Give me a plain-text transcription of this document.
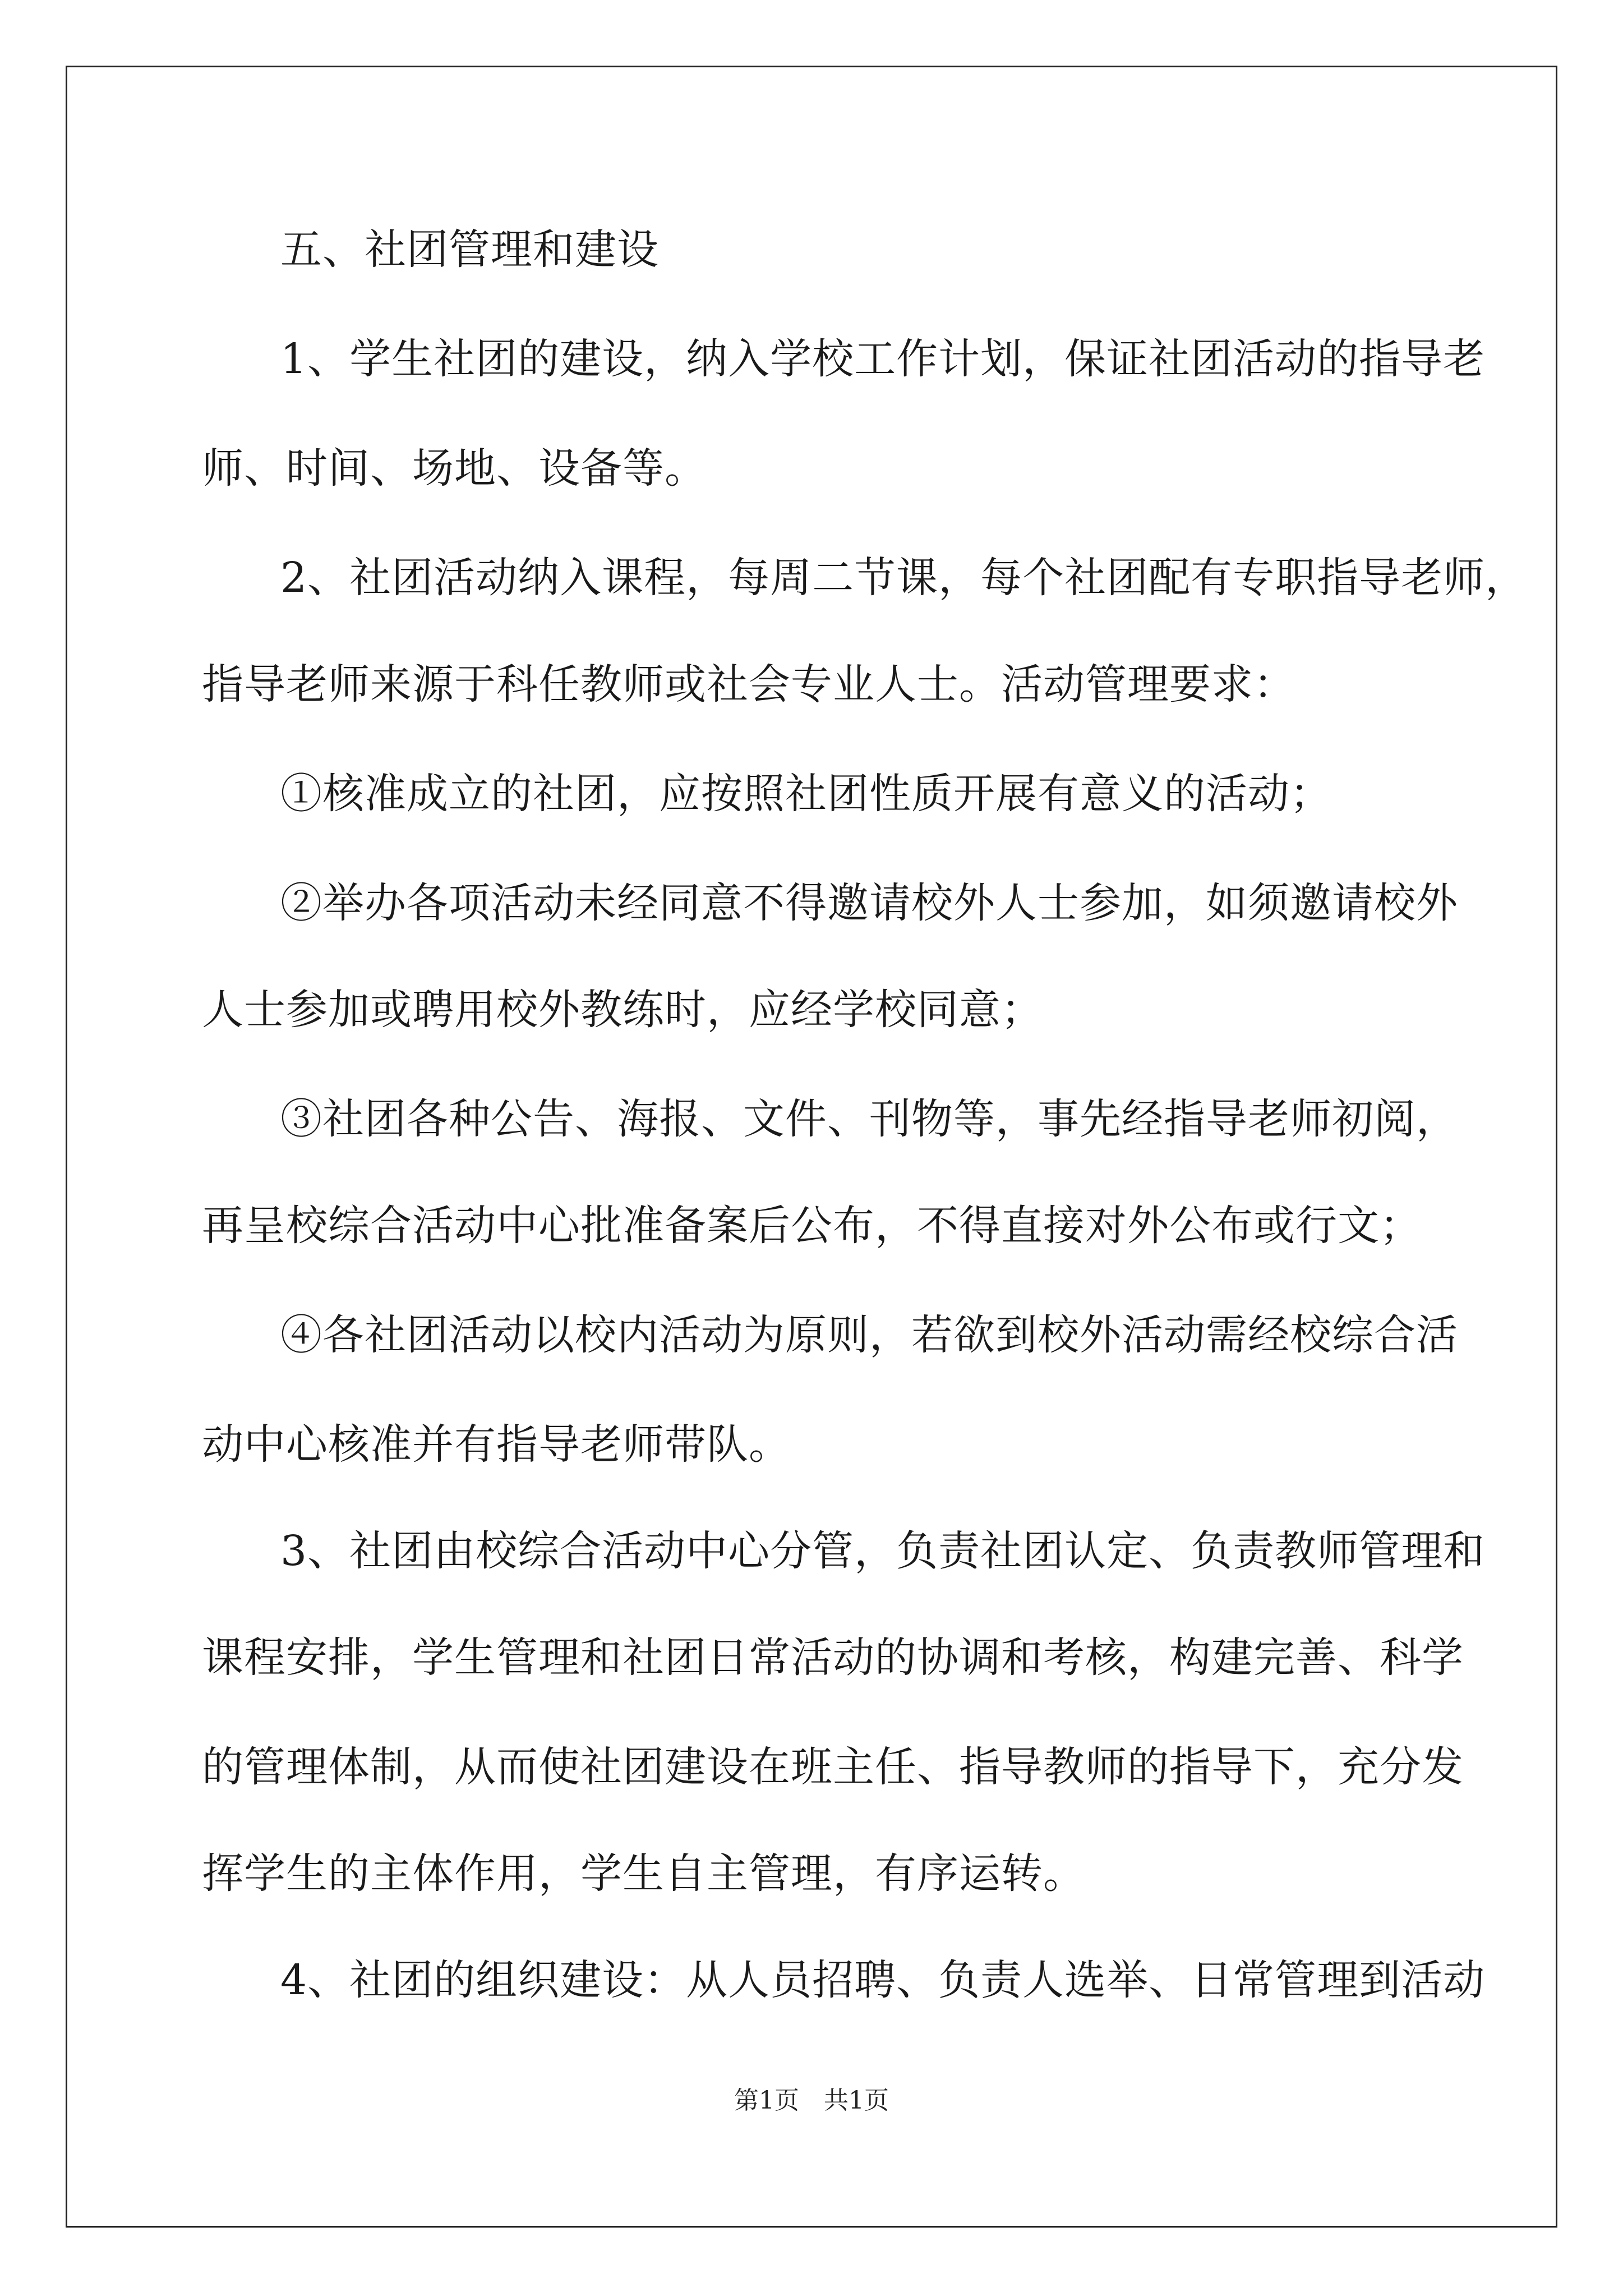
五、社团管理和建设
1、学生社团的建设，纳入学校工作计划，保证社团活动的指导老
师、时间、场地、设备等。
2、社团活动纳入课程，每周二节课，每个社团配有专职指导老师，
指导老师来源于科任教师或社会专业人士。活动管理要求：
①核准成立的社团，应按照社团性质开展有意义的活动；
②举办各项活动未经同意不得邀请校外人士参加，如须邀请校外
人士参加或聘用校外教练时，应经学校同意；
③社团各种公告、海报、文件、刊物等，事先经指导老师初阅，
再呈校综合活动中心批准备案后公布，不得直接对外公布或行文；
④各社团活动以校内活动为原则，若欲到校外活动需经校综合活
动中心核准并有指导老师带队。
3、社团由校综合活动中心分管，负责社团认定、负责教师管理和
课程安排，学生管理和社团日常活动的协调和考核，构建完善、科学
的管理体制，从而使社团建设在班主任、指导教师的指导下，充分发
挥学生的主体作用，学生自主管理，有序运转。
4、社团的组织建设：从人员招聘、负责人选举、日常管理到活动
第1页　共1页
